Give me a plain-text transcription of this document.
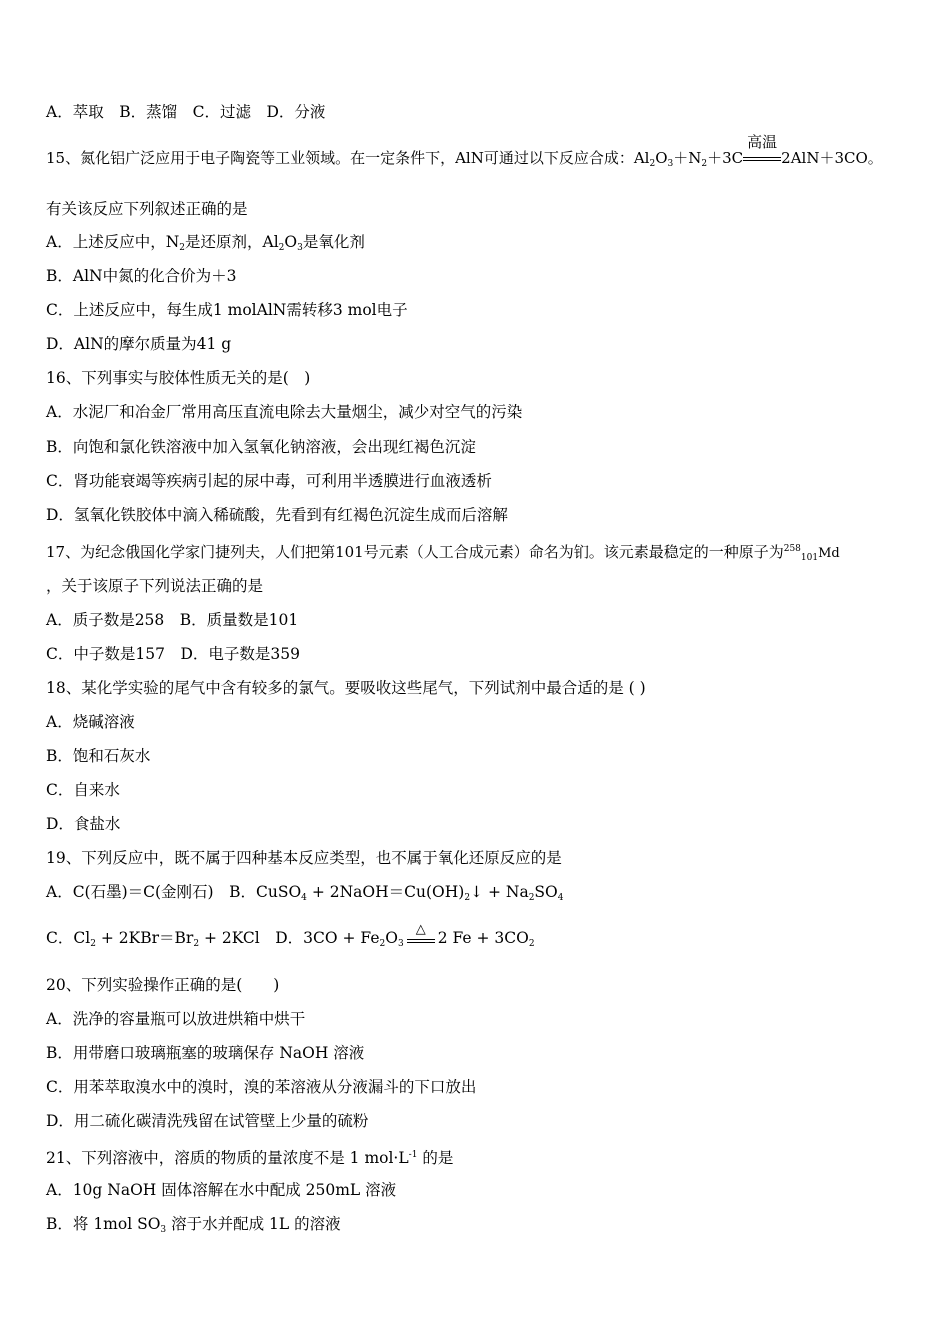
A．萃取　B．蒸馏　C．过滤　D．分液
15、氮化铝广泛应用于电子陶瓷等工业领域。在一定条件下，AlN可通过以下反应合成：$Al_2O_3+N_2+3C$
高温
2AlN＋3CO。
有关该反应下列叙述正确的是
A．上述反应中，$N_2$是还原剂，$Al_2O_3$是氧化剂
B．AlN中氮的化合价为＋3
C．上述反应中，每生成1 molAlN需转移3 mol电子
D．AlN的摩尔质量为41 g
16、下列事实与胶体性质无关的是(　)
A．水泥厂和冶金厂常用高压直流电除去大量烟尘，减少对空气的污染
B．向饱和氯化铁溶液中加入氢氧化钠溶液，会出现红褐色沉淀
C．肾功能衰竭等疾病引起的尿中毒，可利用半透膜进行血液透析
D．氢氧化铁胶体中滴入稀硫酸，先看到有红褐色沉淀生成而后溶解
17、为纪念俄国化学家门捷列夫，人们把第101号元素（人工合成元素）命名为钔。该元素最稳定的一种原子为$^{258}_{101}$Md
，关于该原子下列说法正确的是
A．质子数是258　B．质量数是101
C．中子数是157　D．电子数是359
18、某化学实验的尾气中含有较多的氯气。要吸收这些尾气，下列试剂中最合适的是 ( )
A．烧碱溶液
B．饱和石灰水
C．自来水
D．食盐水
19、下列反应中，既不属于四种基本反应类型，也不属于氧化还原反应的是
A．C(石墨)＝C(金刚石)　B．CuSO$_4$ + $2NaOH=Cu(OH)_2↓ + Na_2SO_4$
C．$Cl_2 + 2KBr=Br_2 + 2KCl$　D．$3CO + Fe_2O_3$
△ 2 $Fe + 3CO_2$
20、下列实验操作正确的是(　　)
A．洗净的容量瓶可以放进烘箱中烘干
B．用带磨口玻璃瓶塞的玻璃保存 NaOH 溶液
C．用苯萃取溴水中的溴时，溴的苯溶液从分液漏斗的下口放出
D．用二硫化碳清洗残留在试管壁上少量的硫粉
21、下列溶液中，溶质的物质的量浓度不是 1 $mol\cdot L^{-1}$ 的是
A．10g NaOH 固体溶解在水中配成 250mL 溶液
B．将 1mol $SO_3$ 溶于水并配成 1L 的溶液
